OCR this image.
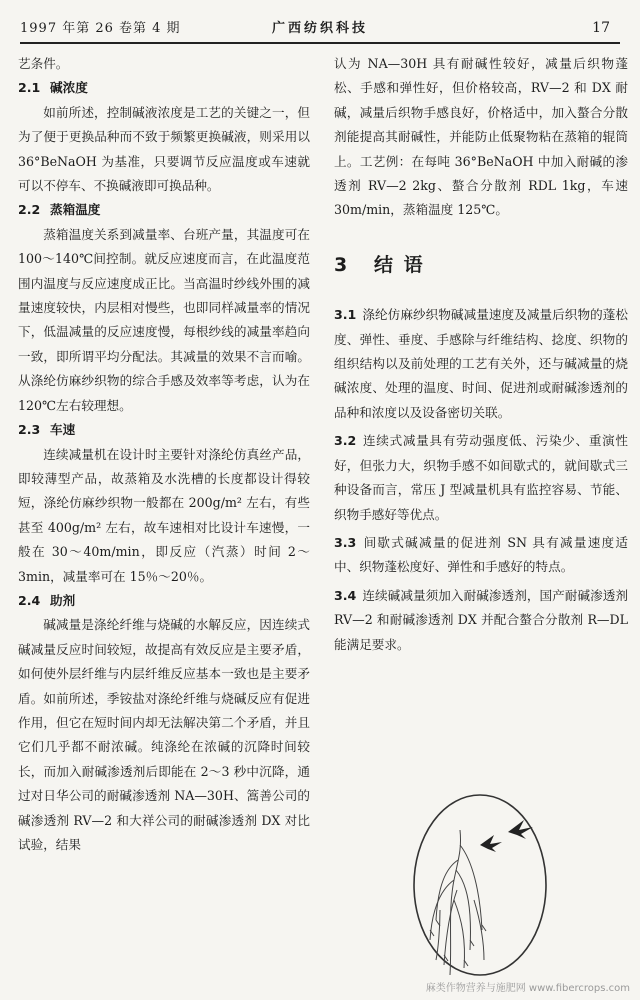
1997 年第 26 卷第 4 期	广西纺织科技	17
艺条件。
2.1 碱浓度
如前所述，控制碱液浓度是工艺的关键之一，但为了便于更换品种而不致于频繁更换碱液，则采用以 36°BeNaOH 为基准，只要调节反应温度或车速就可以不停车、不换碱液即可换品种。
2.2 蒸箱温度
蒸箱温度关系到减量率、台班产量，其温度可在 100～140℃间控制。就反应速度而言，在此温度范围内温度与反应速度成正比。当高温时纱线外围的减量速度较快，内层相对慢些，也即同样减量率的情况下，低温减量的反应速度慢，每根纱线的减量率趋向一致，即所谓平均分配法。其减量的效果不言而喻。从涤纶仿麻纱织物的综合手感及效率等考虑，认为在 120℃左右较理想。
2.3 车速
连续减量机在设计时主要针对涤纶仿真丝产品，即较薄型产品，故蒸箱及水洗槽的长度都设计得较短，涤纶仿麻纱织物一般都在 200g/m² 左右，有些甚至 400g/m² 左右，故车速相对比设计车速慢，一般在 30～40m/min，即反应（汽蒸）时间 2～3min，减量率可在 15％～20％。
2.4 助剂
碱减量是涤纶纤维与烧碱的水解反应，因连续式碱减量反应时间较短，故提高有效反应是主要矛盾，如何使外层纤维与内层纤维反应基本一致也是主要矛盾。如前所述，季铵盐对涤纶纤维与烧碱反应有促进作用，但它在短时间内却无法解决第二个矛盾，并且它们几乎都不耐浓碱。纯涤纶在浓碱的沉降时间较长，而加入耐碱渗透剂后即能在 2～3 秒中沉降，通过对日华公司的耐碱渗透剂 NA—30H、篙善公司的碱渗透剂 RV—2 和大祥公司的耐碱渗透剂 DX 对比试验，结果
认为 NA—30H 具有耐碱性较好，减量后织物蓬松、手感和弹性好，但价格较高，RV—2 和 DX 耐碱，减量后织物手感良好，价格适中，加入螯合分散剂能提高其耐碱性，并能防止低聚物粘在蒸箱的辊筒上。工艺例：在每吨 36°BeNaOH 中加入耐碱的渗透剂 RV—2 2kg、螯合分散剂 RDL 1kg，车速 30m/min，蒸箱温度 125℃。
3 结 语
3.1 涤纶仿麻纱织物碱减量速度及减量后织物的蓬松度、弹性、垂度、手感除与纤维结构、捻度、织物的组织结构以及前处理的工艺有关外，还与碱减量的烧碱浓度、处理的温度、时间、促进剂或耐碱渗透剂的品种和浓度以及设备密切关联。
3.2 连续式减量具有劳动强度低、污染少、重演性好，但张力大，织物手感不如间歇式的，就间歇式三种设备而言，常压 J 型减量机具有监控容易、节能、织物手感好等优点。
3.3 间歇式碱减量的促进剂 SN 具有减量速度适中、织物蓬松度好、弹性和手感好的特点。
3.4 连续碱减量须加入耐碱渗透剂，国产耐碱渗透剂 RV—2 和耐碱渗透剂 DX 并配合螯合分散剂 R—DL 能满足要求。
麻类作物营养与施肥网 www.fibercrops.com
